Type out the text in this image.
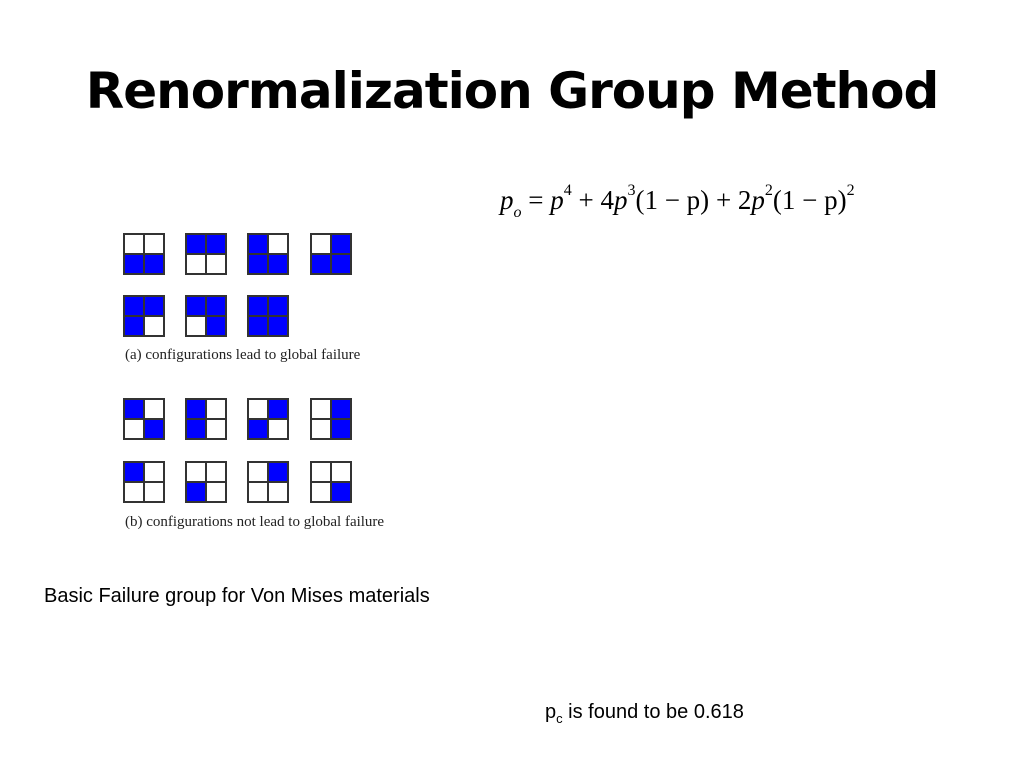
Renormalization Group Method
$p_o = p^4 + 4p^3(1 - p) + 2p^2(1 - p)^2$
(a) configurations lead to global failure
(b) configurations not lead to global failure
Basic Failure group for Von Mises materials
$p_c$ is found to be 0.618
